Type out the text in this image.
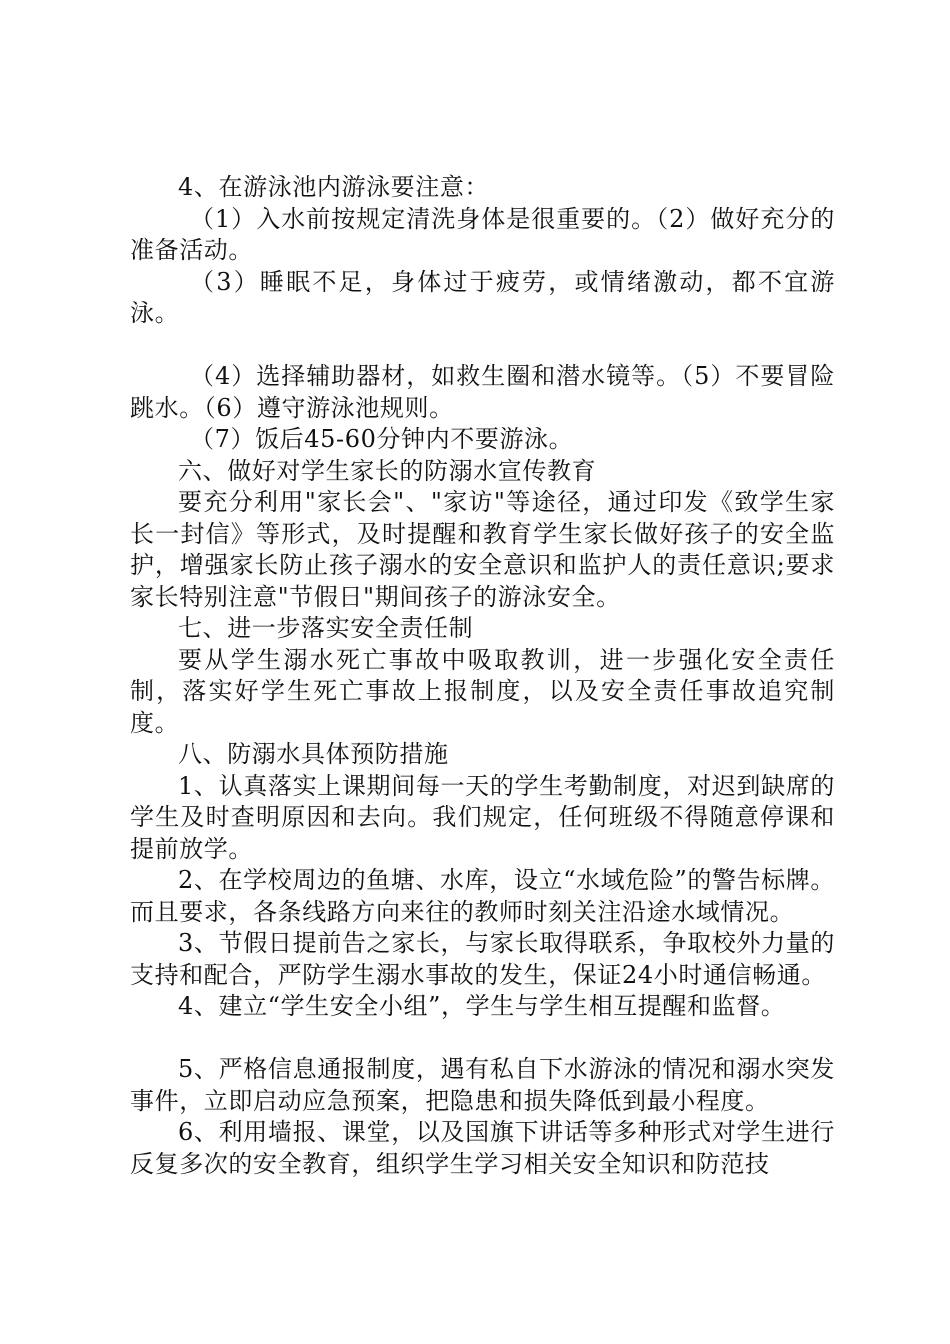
4、在游泳池内游泳要注意：

（1）入水前按规定清洗身体是很重要的。（2）做好充分的准备活动。

（3）睡眠不足，身体过于疲劳，或情绪激动，都不宜游泳。

（4）选择辅助器材，如救生圈和潜水镜等。（5）不要冒险跳水。（6）遵守游泳池规则。

（7）饭后45-60分钟内不要游泳。

六、做好对学生家长的防溺水宣传教育

要充分利用"家长会"、"家访"等途径，通过印发《致学生家长一封信》等形式，及时提醒和教育学生家长做好孩子的安全监护，增强家长防止孩子溺水的安全意识和监护人的责任意识;要求家长特别注意"节假日"期间孩子的游泳安全。

七、进一步落实安全责任制

要从学生溺水死亡事故中吸取教训，进一步强化安全责任制，落实好学生死亡事故上报制度，以及安全责任事故追究制度。

八、防溺水具体预防措施

1、认真落实上课期间每一天的学生考勤制度，对迟到缺席的学生及时查明原因和去向。我们规定，任何班级不得随意停课和提前放学。

2、在学校周边的鱼塘、水库，设立“水域危险”的警告标牌。而且要求，各条线路方向来往的教师时刻关注沿途水域情况。

3、节假日提前告之家长，与家长取得联系，争取校外力量的支持和配合，严防学生溺水事故的发生，保证24小时通信畅通。

4、建立“学生安全小组”，学生与学生相互提醒和监督。

5、严格信息通报制度，遇有私自下水游泳的情况和溺水突发事件，立即启动应急预案，把隐患和损失降低到最小程度。

6、利用墙报、课堂，以及国旗下讲话等多种形式对学生进行反复多次的安全教育，组织学生学习相关安全知识和防范技
